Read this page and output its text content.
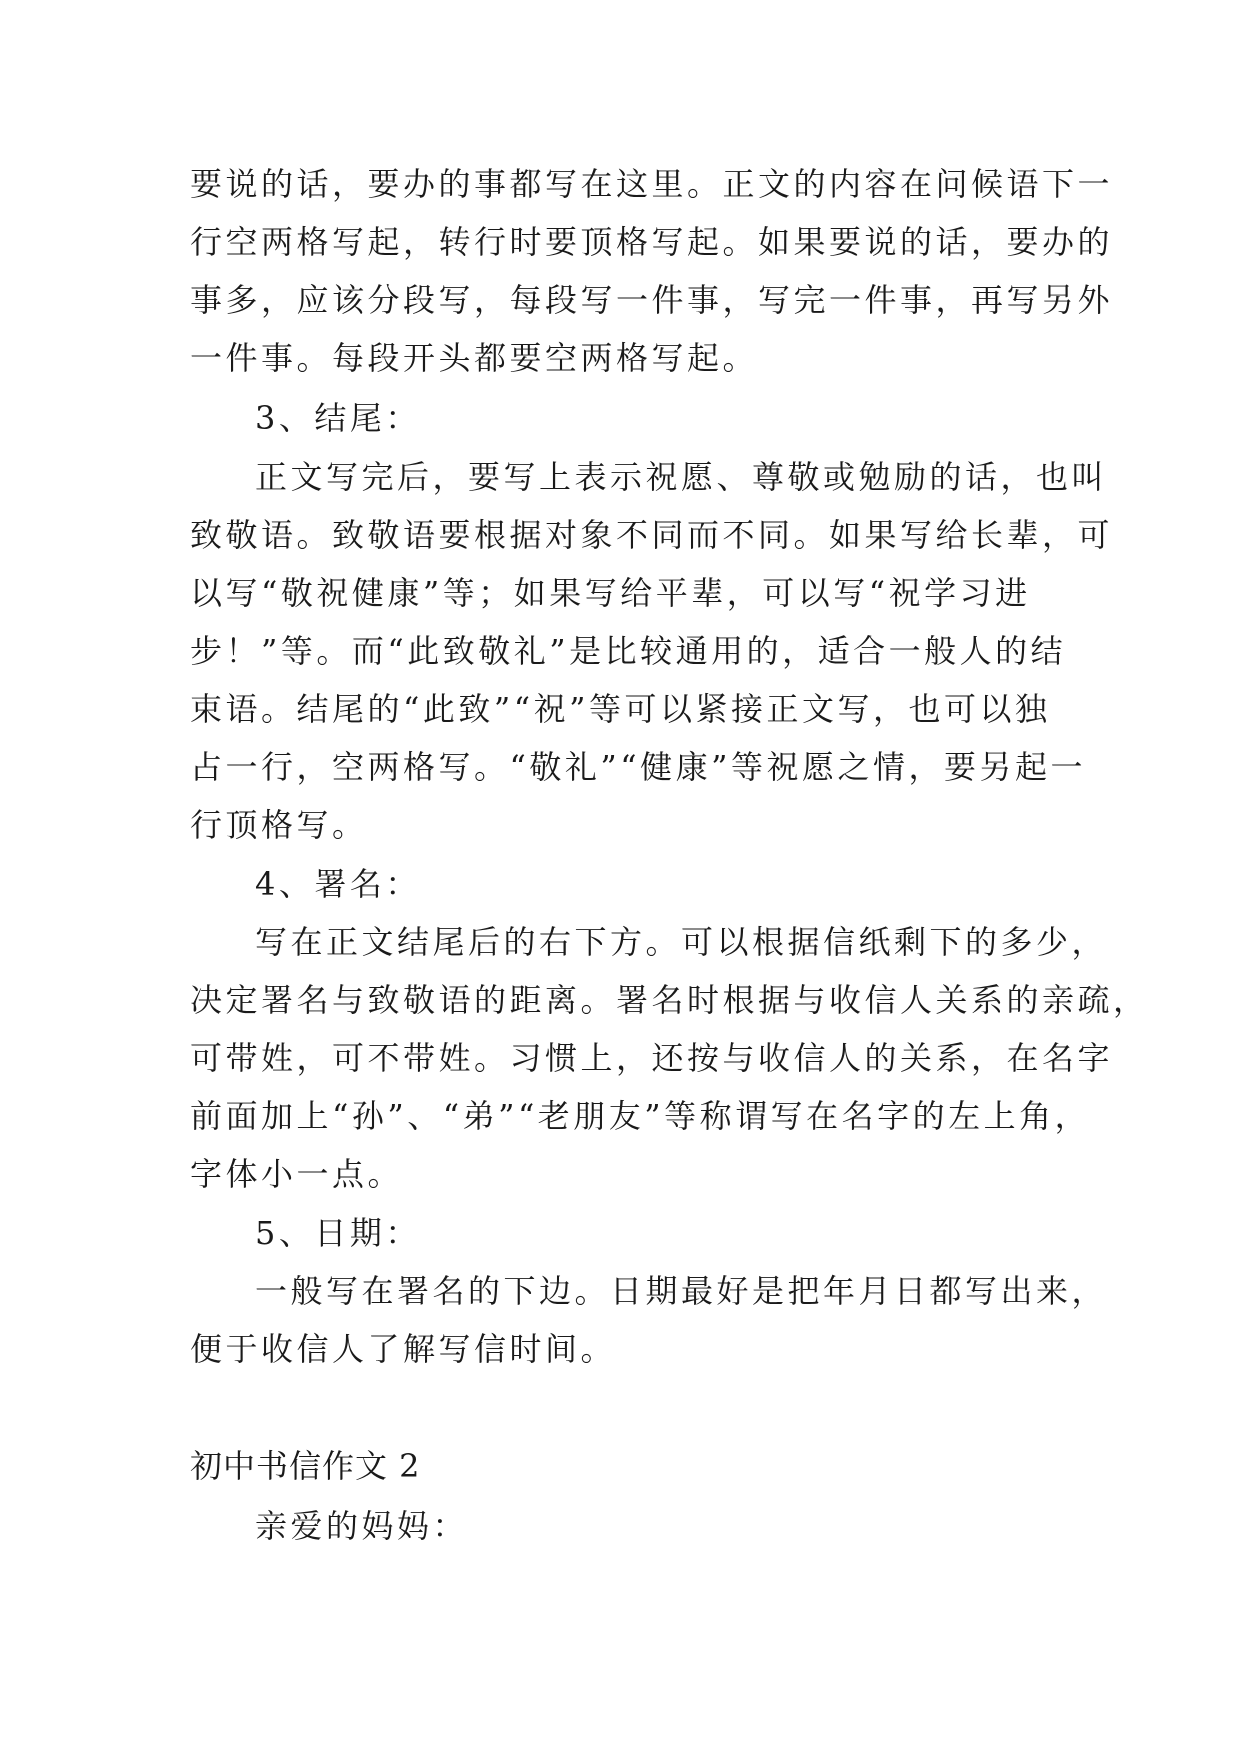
要说的话，要办的事都写在这里。正文的内容在问候语下一
行空两格写起，转行时要顶格写起。如果要说的话，要办的
事多，应该分段写，每段写一件事，写完一件事，再写另外
一件事。每段开头都要空两格写起。
3、结尾：
正文写完后，要写上表示祝愿、尊敬或勉励的话，也叫
致敬语。致敬语要根据对象不同而不同。如果写给长辈，可
以写“敬祝健康”等；如果写给平辈，可以写“祝学习进
步！”等。而“此致敬礼”是比较通用的，适合一般人的结
束语。结尾的“此致”“祝”等可以紧接正文写，也可以独
占一行，空两格写。“敬礼”“健康”等祝愿之情，要另起一
行顶格写。
4、署名：
写在正文结尾后的右下方。可以根据信纸剩下的多少，
决定署名与致敬语的距离。署名时根据与收信人关系的亲疏，
可带姓，可不带姓。习惯上，还按与收信人的关系，在名字
前面加上“孙”、“弟”“老朋友”等称谓写在名字的左上角，
字体小一点。
5、日期：
一般写在署名的下边。日期最好是把年月日都写出来，
便于收信人了解写信时间。
初中书信作文 2
亲爱的妈妈：
